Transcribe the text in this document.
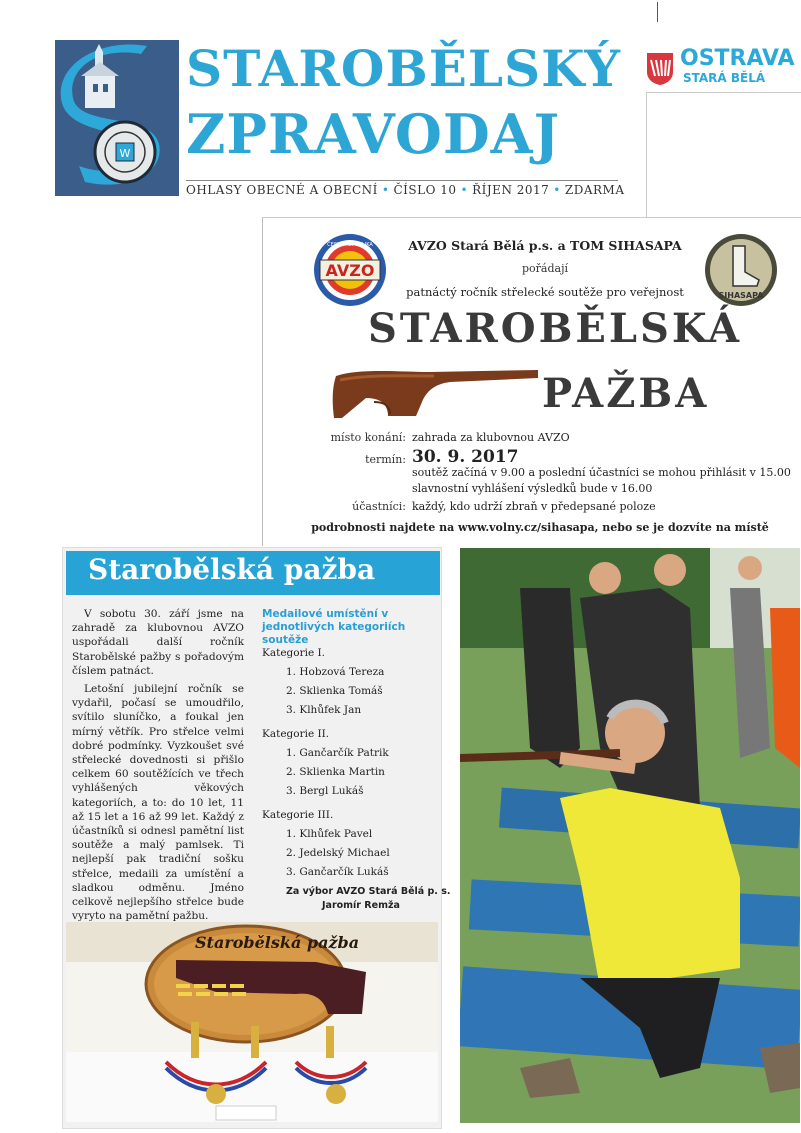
W
STAROBĚLSKÝ
ZPRAVODAJ
OHLASY OBECNÉ A OBECNÍ • ČÍSLO 10 • ŘÍJEN 2017 • ZDARMA
OSTRAVA
STARÁ BĚLÁ
AVZO
ČESKÁ REPUBLIKA
SIHASAPA
AVZO Stará Bělá p.s. a TOM SIHASAPA
pořádají
patnáctý ročník střelecké soutěže pro veřejnost
STAROBĚLSKÁ
PAŽBA
místo konání: zahrada za klubovnou AVZO
termín: 30. 9. 2017
soutěž začíná v 9.00 a poslední účastníci se mohou přihlásit v 15.00
slavnostní vyhlášení výsledků bude v 16.00
účastníci: každý, kdo udrží zbraň v předepsané poloze
podrobnosti najdete na www.volny.cz/sihasapa, nebo se je dozvíte na místě
Starobělská pažba

V sobotu 30. září jsme na zahradě za klubovnou AVZO uspořádali další ročník Starobělské pažby s pořadovým číslem patnáct.

Letošní jubilejní ročník se vydařil, počasí se umoudřilo, svítilo sluníčko, a foukal jen mírný větřík. Pro střelce velmi dobré podmínky. Vyzkoušet své střelecké dovednosti si přišlo celkem 60 soutěžících ve třech vyhlášených věkových kategoriích, a to: do 10 let, 11 až 15 let a 16 až 99 let. Každý z účastníků si odnesl pamětní list soutěže a malý pamlsek. Ti nejlepší pak tradiční sošku střelce, medaili za umístění a sladkou odměnu. Jméno celkově nejlepšího střelce bude vyryto na pamětní pažbu.

Medailové umístění v jednotlivých kategoriích soutěže
Kategorie I.
1. Hobzová Tereza
2. Sklienka Tomáš
3. Klhůfek Jan
Kategorie II.
1. Gančarčík Patrik
2. Sklienka Martin
3. Bergl Lukáš
Kategorie III.
1. Klhůfek Pavel
2. Jedelský Michael
3. Gančarčík Lukáš
Za výbor AVZO Stará Bělá p. s.
Jaromír Remža
Starobělská pažba
